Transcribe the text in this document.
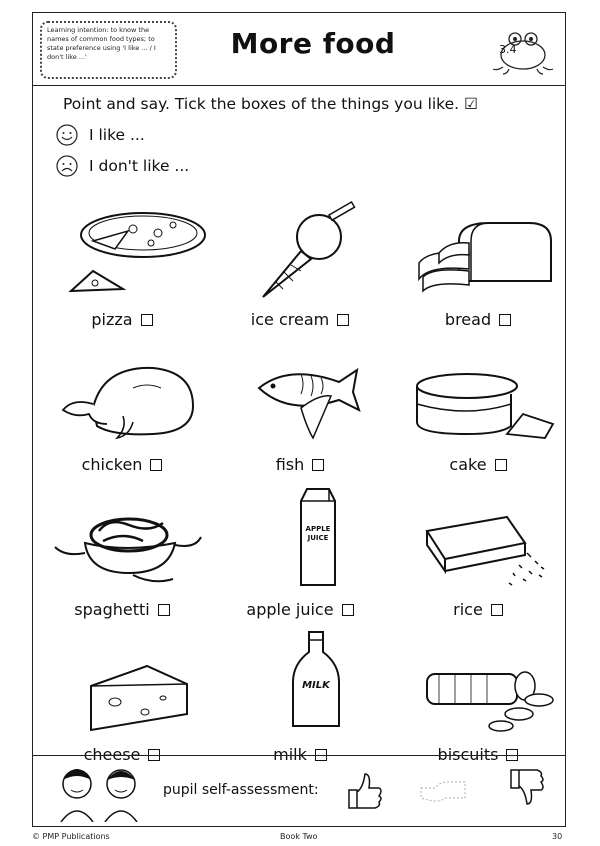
Learning intention: to know the names of common food types; to state preference using 'I like ... / I don't like ...'	More food	3.4
Point and say. Tick the boxes of the things you like. ☑
I like ...
I don't like ...
pizza	ice cream	bread
chicken	fish	cake
spaghetti
APPLE JUICE
apple juice	rice
cheese
MILK
milk	biscuits
pupil self-assessment:
© PMP Publications	Book Two	30
